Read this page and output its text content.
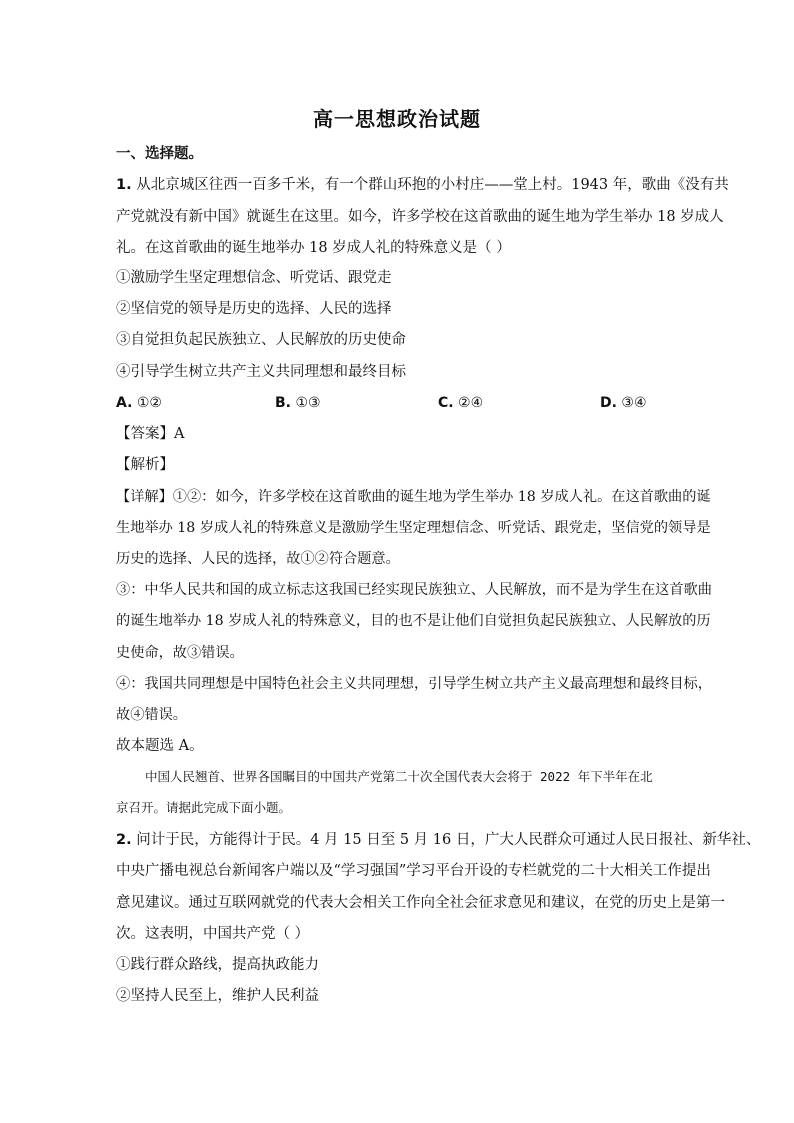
高一思想政治试题
一、选择题。
1. 从北京城区往西一百多千米，有一个群山环抱的小村庄——堂上村。1943 年，歌曲《没有共
产党就没有新中国》就诞生在这里。如今，许多学校在这首歌曲的诞生地为学生举办 18 岁成人
礼。在这首歌曲的诞生地举办 18 岁成人礼的特殊意义是（ ）
①激励学生坚定理想信念、听党话、跟党走
②坚信党的领导是历史的选择、人民的选择
③自觉担负起民族独立、人民解放的历史使命
④引导学生树立共产主义共同理想和最终目标
A. ①②	B. ①③	C. ②④	D. ③④
【答案】A
【解析】
【详解】①②：如今，许多学校在这首歌曲的诞生地为学生举办 18 岁成人礼。在这首歌曲的诞
生地举办 18 岁成人礼的特殊意义是激励学生坚定理想信念、听党话、跟党走，坚信党的领导是
历史的选择、人民的选择，故①②符合题意。
③：中华人民共和国的成立标志这我国已经实现民族独立、人民解放，而不是为学生在这首歌曲
的诞生地举办 18 岁成人礼的特殊意义，目的也不是让他们自觉担负起民族独立、人民解放的历
史使命，故③错误。
④：我国共同理想是中国特色社会主义共同理想，引导学生树立共产主义最高理想和最终目标，
故④错误。
故本题选 A。
中国人民翘首、世界各国瞩目的中国共产党第二十次全国代表大会将于 2022 年下半年在北
京召开。请据此完成下面小题。
2. 问计于民，方能得计于民。4 月 15 日至 5 月 16 日，广大人民群众可通过人民日报社、新华社、
中央广播电视总台新闻客户端以及“学习强国”学习平台开设的专栏就党的二十大相关工作提出
意见建议。通过互联网就党的代表大会相关工作向全社会征求意见和建议，在党的历史上是第一
次。这表明，中国共产党（ ）
①践行群众路线，提高执政能力
②坚持人民至上，维护人民利益
